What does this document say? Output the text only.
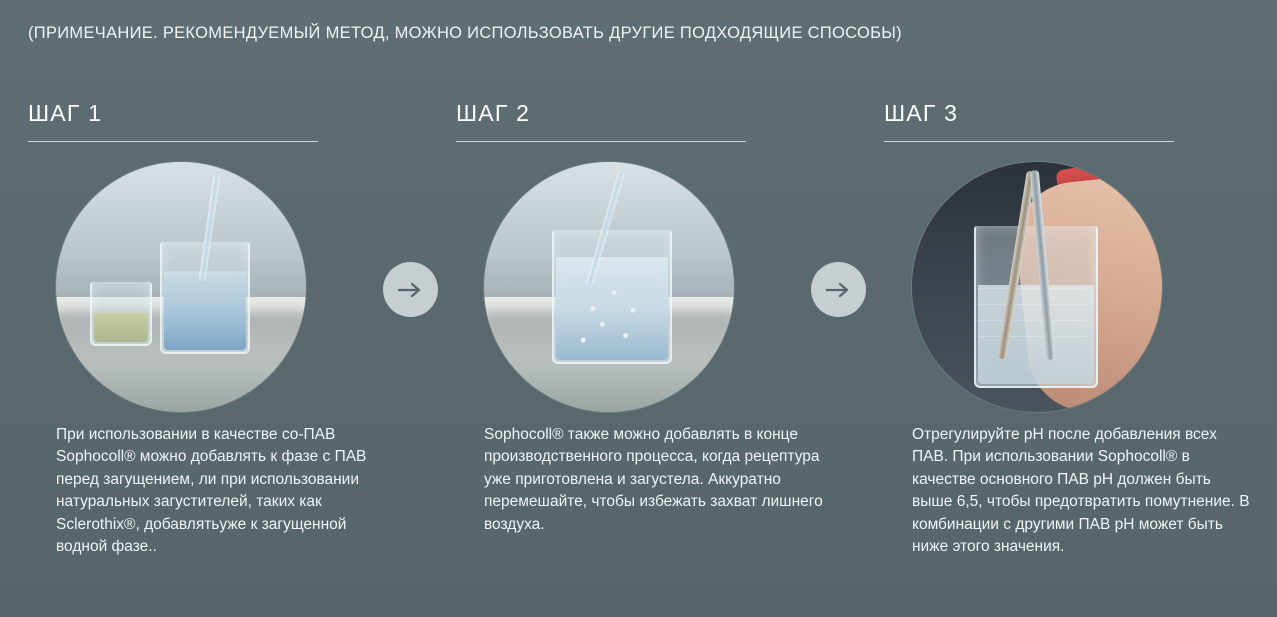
(ПРИМЕЧАНИЕ. РЕКОМЕНДУЕМЫЙ МЕТОД, МОЖНО ИСПОЛЬЗОВАТЬ ДРУГИЕ ПОДХОДЯЩИЕ СПОСОБЫ)
ШАГ 1
При использовании в качестве со-ПАВ Sophocoll® можно добавлять к фазе с ПАВ перед загущением, ли при использовании натуральных загустителей, таких как Sclerothix®, добавлятьуже к загущенной водной фазе..
ШАГ 2
Sophocoll® также можно добавлять в конце производственного процесса, когда рецептура уже приготовлена и загустела. Аккуратно перемешайте, чтобы избежать захват лишнего воздуха.
ШАГ 3
Отрегулируйте pH после добавления всех ПАВ. При использовании Sophocoll® в качестве основного ПАВ pH должен быть выше 6,5, чтобы предотвратить помутнение. В комбинации с другими ПАВ pH может быть ниже этого значения.
